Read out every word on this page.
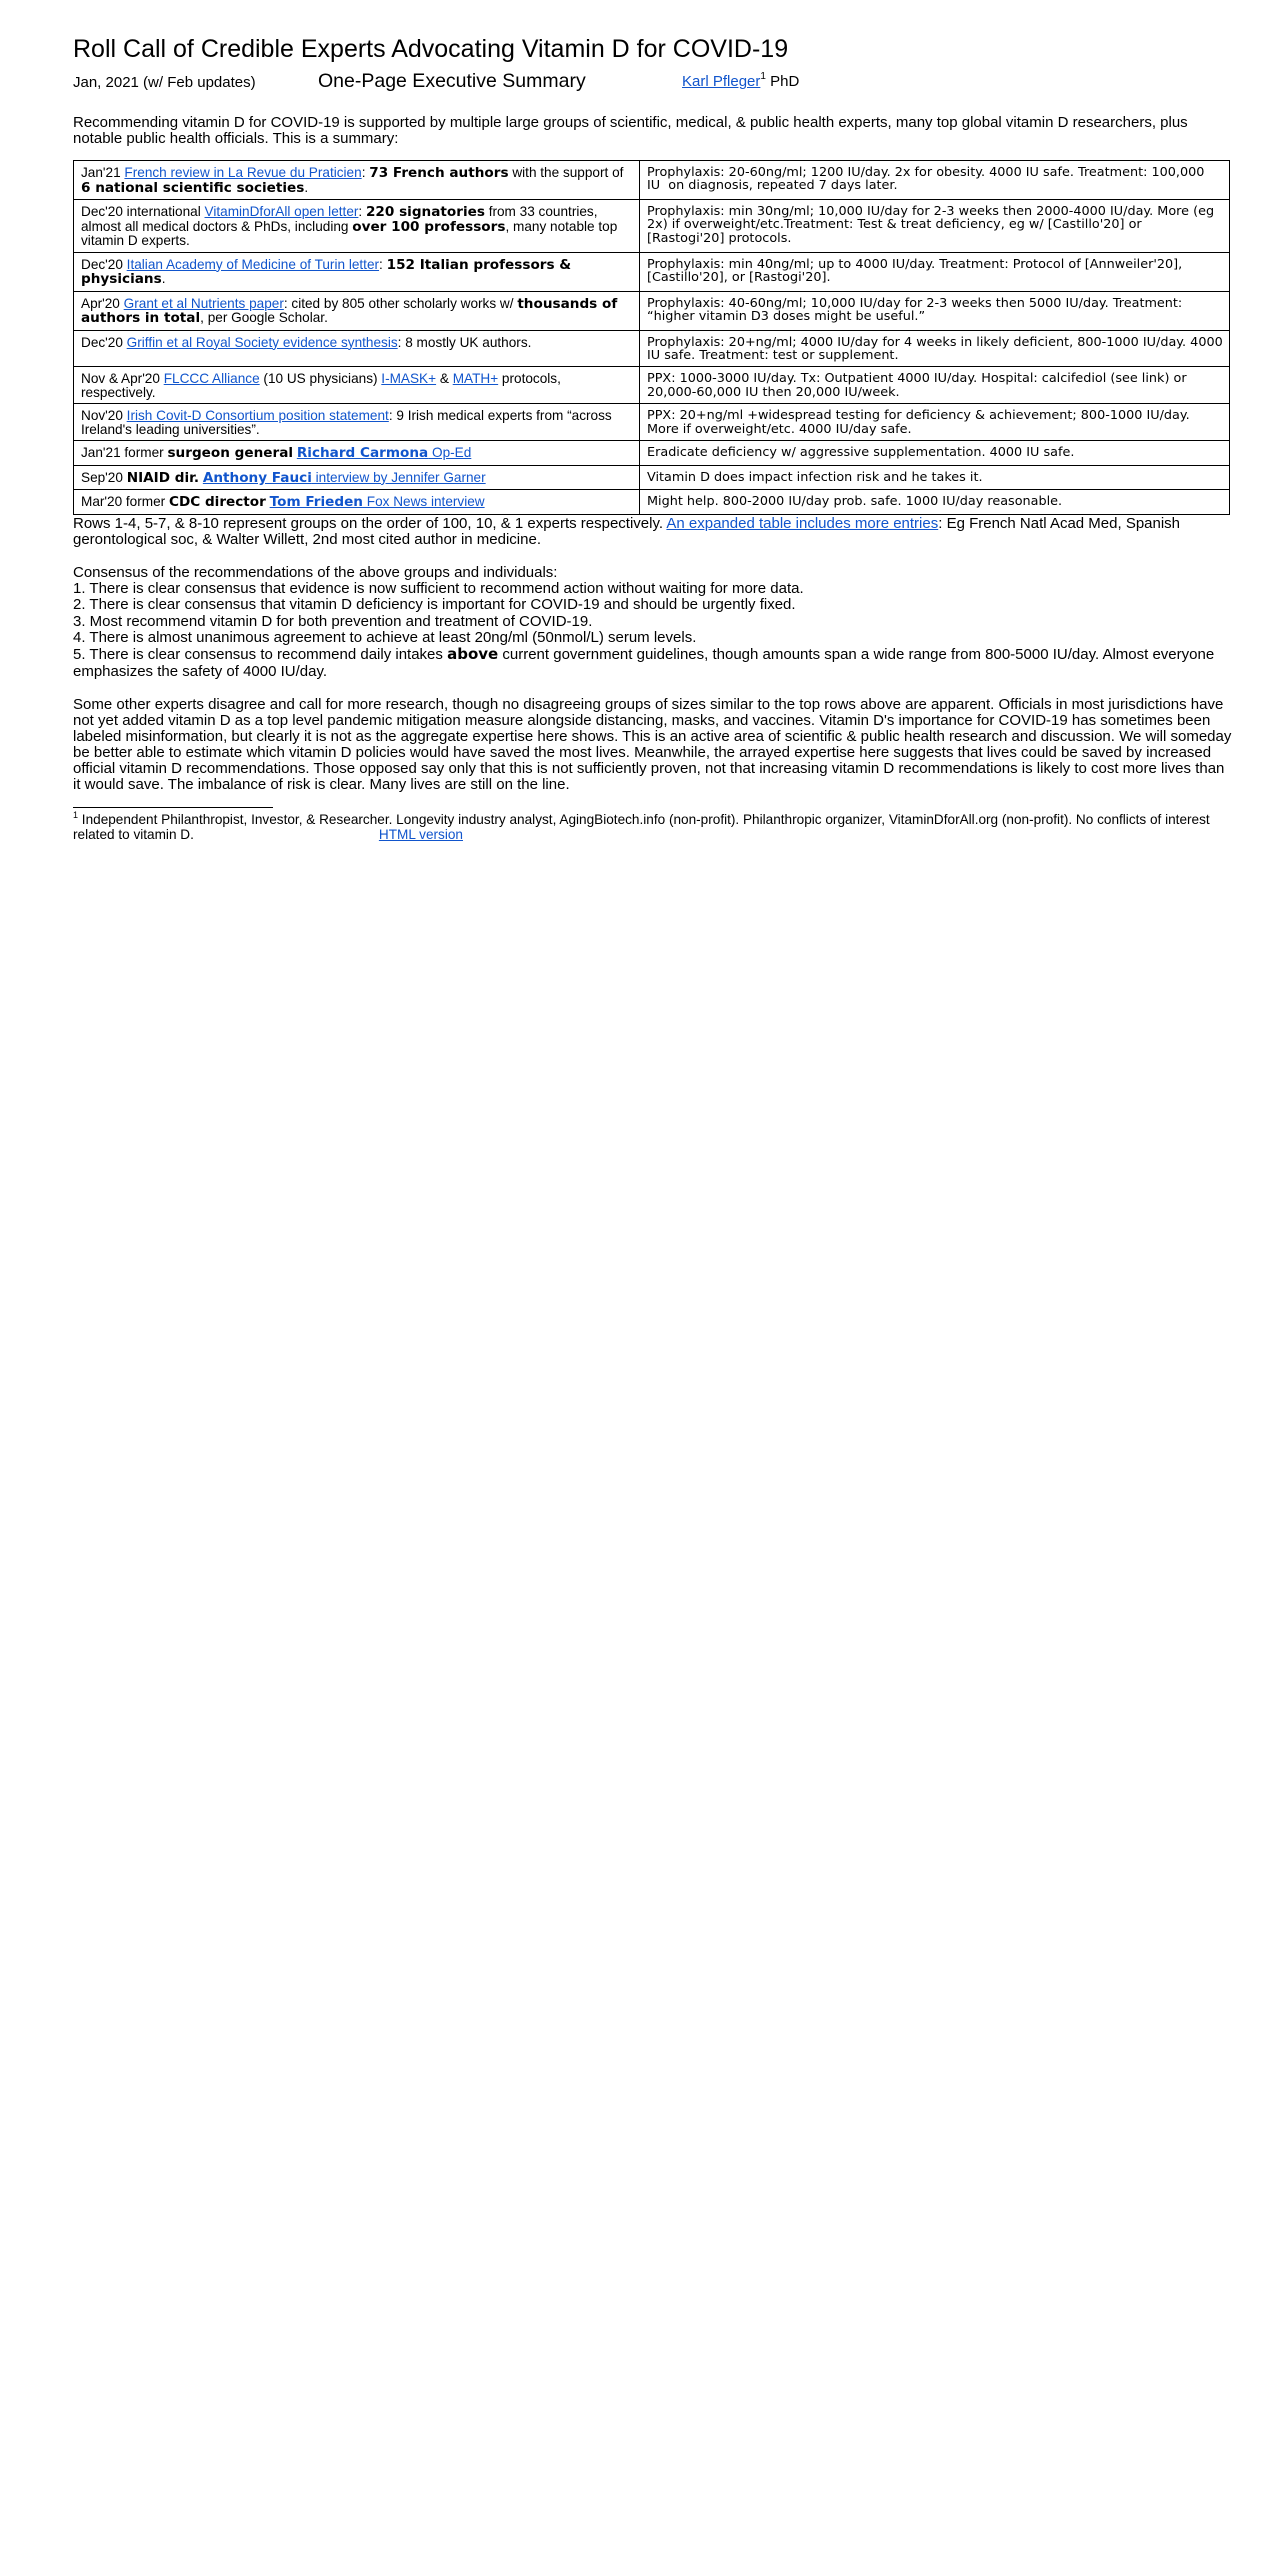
Roll Call of Credible Experts Advocating Vitamin D for COVID-19
Jan, 2021 (w/ Feb updates)	One-Page Executive Summary	Karl Pfleger$^1$ PhD

Recommending vitamin D for COVID-19 is supported by multiple large groups of scientific, medical, & public health experts, many top global vitamin D researchers, plus notable public health officials. This is a summary:

Jan'21 French review in La Revue du Praticien: 73 French authors with the support of 6 national scientific societies.	Prophylaxis: 20-60ng/ml; 1200 IU/day. 2x for obesity. 4000 IU safe. Treatment: 100,000 IU  on diagnosis, repeated 7 days later.
Dec'20 international VitaminDforAll open letter: 220 signatories from 33 countries, almost all medical doctors & PhDs, including over 100 professors, many notable top vitamin D experts.	Prophylaxis: min 30ng/ml; 10,000 IU/day for 2-3 weeks then 2000-4000 IU/day. More (eg 2x) if overweight/etc.Treatment: Test & treat deficiency, eg w/ [Castillo'20] or [Rastogi'20] protocols.
Dec'20 Italian Academy of Medicine of Turin letter: 152 Italian professors & physicians.	Prophylaxis: min 40ng/ml; up to 4000 IU/day. Treatment: Protocol of [Annweiler'20], [Castillo'20], or [Rastogi'20].
Apr'20 Grant et al Nutrients paper: cited by 805 other scholarly works w/ thousands of authors in total, per Google Scholar.	Prophylaxis: 40-60ng/ml; 10,000 IU/day for 2-3 weeks then 5000 IU/day. Treatment: “higher vitamin D3 doses might be useful.”
Dec'20 Griffin et al Royal Society evidence synthesis: 8 mostly UK authors.	Prophylaxis: 20+ng/ml; 4000 IU/day for 4 weeks in likely deficient, 800-1000 IU/day. 4000 IU safe. Treatment: test or supplement.
Nov & Apr'20 FLCCC Alliance (10 US physicians) I-MASK+ & MATH+ protocols, respectively.	PPX: 1000-3000 IU/day. Tx: Outpatient 4000 IU/day. Hospital: calcifediol (see link) or 20,000-60,000 IU then 20,000 IU/week.
Nov'20 Irish Covit-D Consortium position statement: 9 Irish medical experts from “across Ireland's leading universities”.	PPX: 20+ng/ml +widespread testing for deficiency & achievement; 800-1000 IU/day. More if overweight/etc. 4000 IU/day safe.
Jan'21 former surgeon general Richard Carmona Op-Ed	Eradicate deficiency w/ aggressive supplementation. 4000 IU safe.
Sep'20 NIAID dir. Anthony Fauci interview by Jennifer Garner	Vitamin D does impact infection risk and he takes it.
Mar'20 former CDC director Tom Frieden Fox News interview	Might help. 800-2000 IU/day prob. safe. 1000 IU/day reasonable.

Rows 1-4, 5-7, & 8-10 represent groups on the order of 100, 10, & 1 experts respectively. An expanded table includes more entries: Eg French Natl Acad Med, Spanish gerontological soc, & Walter Willett, 2nd most cited author in medicine.

Consensus of the recommendations of the above groups and individuals:
1. There is clear consensus that evidence is now sufficient to recommend action without waiting for more data.
2. There is clear consensus that vitamin D deficiency is important for COVID-19 and should be urgently fixed.
3. Most recommend vitamin D for both prevention and treatment of COVID-19.
4. There is almost unanimous agreement to achieve at least 20ng/ml (50nmol/L) serum levels.
5. There is clear consensus to recommend daily intakes above current government guidelines, though amounts span a wide range from 800-5000 IU/day. Almost everyone emphasizes the safety of 4000 IU/day.

Some other experts disagree and call for more research, though no disagreeing groups of sizes similar to the top rows above are apparent. Officials in most jurisdictions have not yet added vitamin D as a top level pandemic mitigation measure alongside distancing, masks, and vaccines. Vitamin D's importance for COVID-19 has sometimes been labeled misinformation, but clearly it is not as the aggregate expertise here shows. This is an active area of scientific & public health research and discussion. We will someday be better able to estimate which vitamin D policies would have saved the most lives. Meanwhile, the arrayed expertise here suggests that lives could be saved by increased official vitamin D recommendations. Those opposed say only that this is not sufficiently proven, not that increasing vitamin D recommendations is likely to cost more lives than it would save. The imbalance of risk is clear. Many lives are still on the line.

$^1$ Independent Philanthropist, Investor, & Researcher. Longevity industry analyst, AgingBiotech.info (non-profit). Philanthropic organizer, VitaminDforAll.org (non-profit). No conflicts of interest related to vitamin D.	HTML version
